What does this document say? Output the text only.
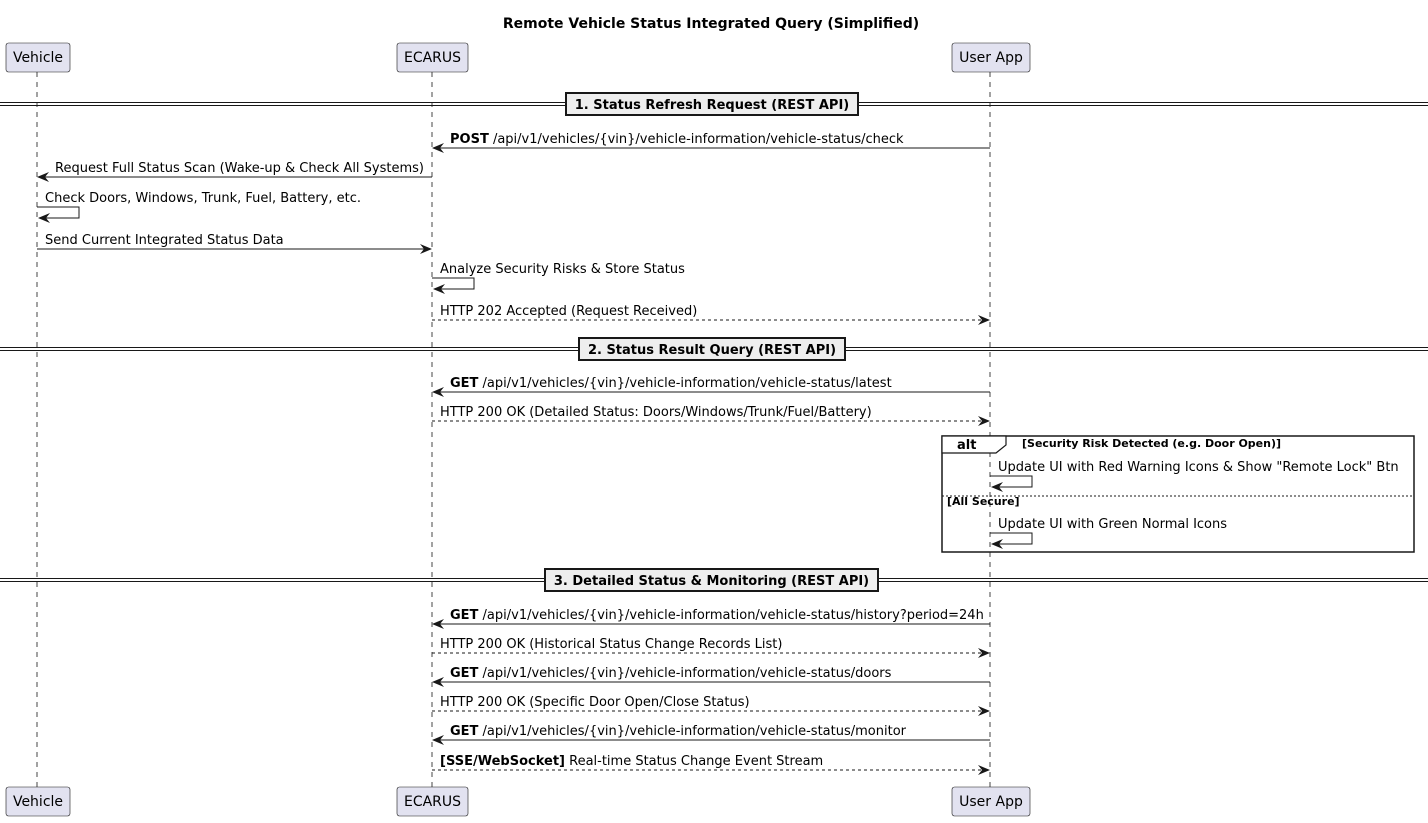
Remote Vehicle Status Integrated Query (Simplified)
1. Status Refresh Request (REST API)
2. Status Result Query (REST API)
3. Detailed Status & Monitoring (REST API)
alt	[Security Risk Detected (e.g. Door Open)]
[All Secure]
POST /api/v1/vehicles/{vin}/vehicle-information/vehicle-status/check
Request Full Status Scan (Wake-up & Check All Systems)
Check Doors, Windows, Trunk, Fuel, Battery, etc.
Send Current Integrated Status Data
Analyze Security Risks & Store Status
HTTP 202 Accepted (Request Received)
GET /api/v1/vehicles/{vin}/vehicle-information/vehicle-status/latest
HTTP 200 OK (Detailed Status: Doors/Windows/Trunk/Fuel/Battery)
Update UI with Red Warning Icons & Show "Remote Lock" Btn
Update UI with Green Normal Icons
GET /api/v1/vehicles/{vin}/vehicle-information/vehicle-status/history?period=24h
HTTP 200 OK (Historical Status Change Records List)
GET /api/v1/vehicles/{vin}/vehicle-information/vehicle-status/doors
HTTP 200 OK (Specific Door Open/Close Status)
GET /api/v1/vehicles/{vin}/vehicle-information/vehicle-status/monitor
[SSE/WebSocket] Real-time Status Change Event Stream
Vehicle
Vehicle
ECARUS
ECARUS
User App
User App
